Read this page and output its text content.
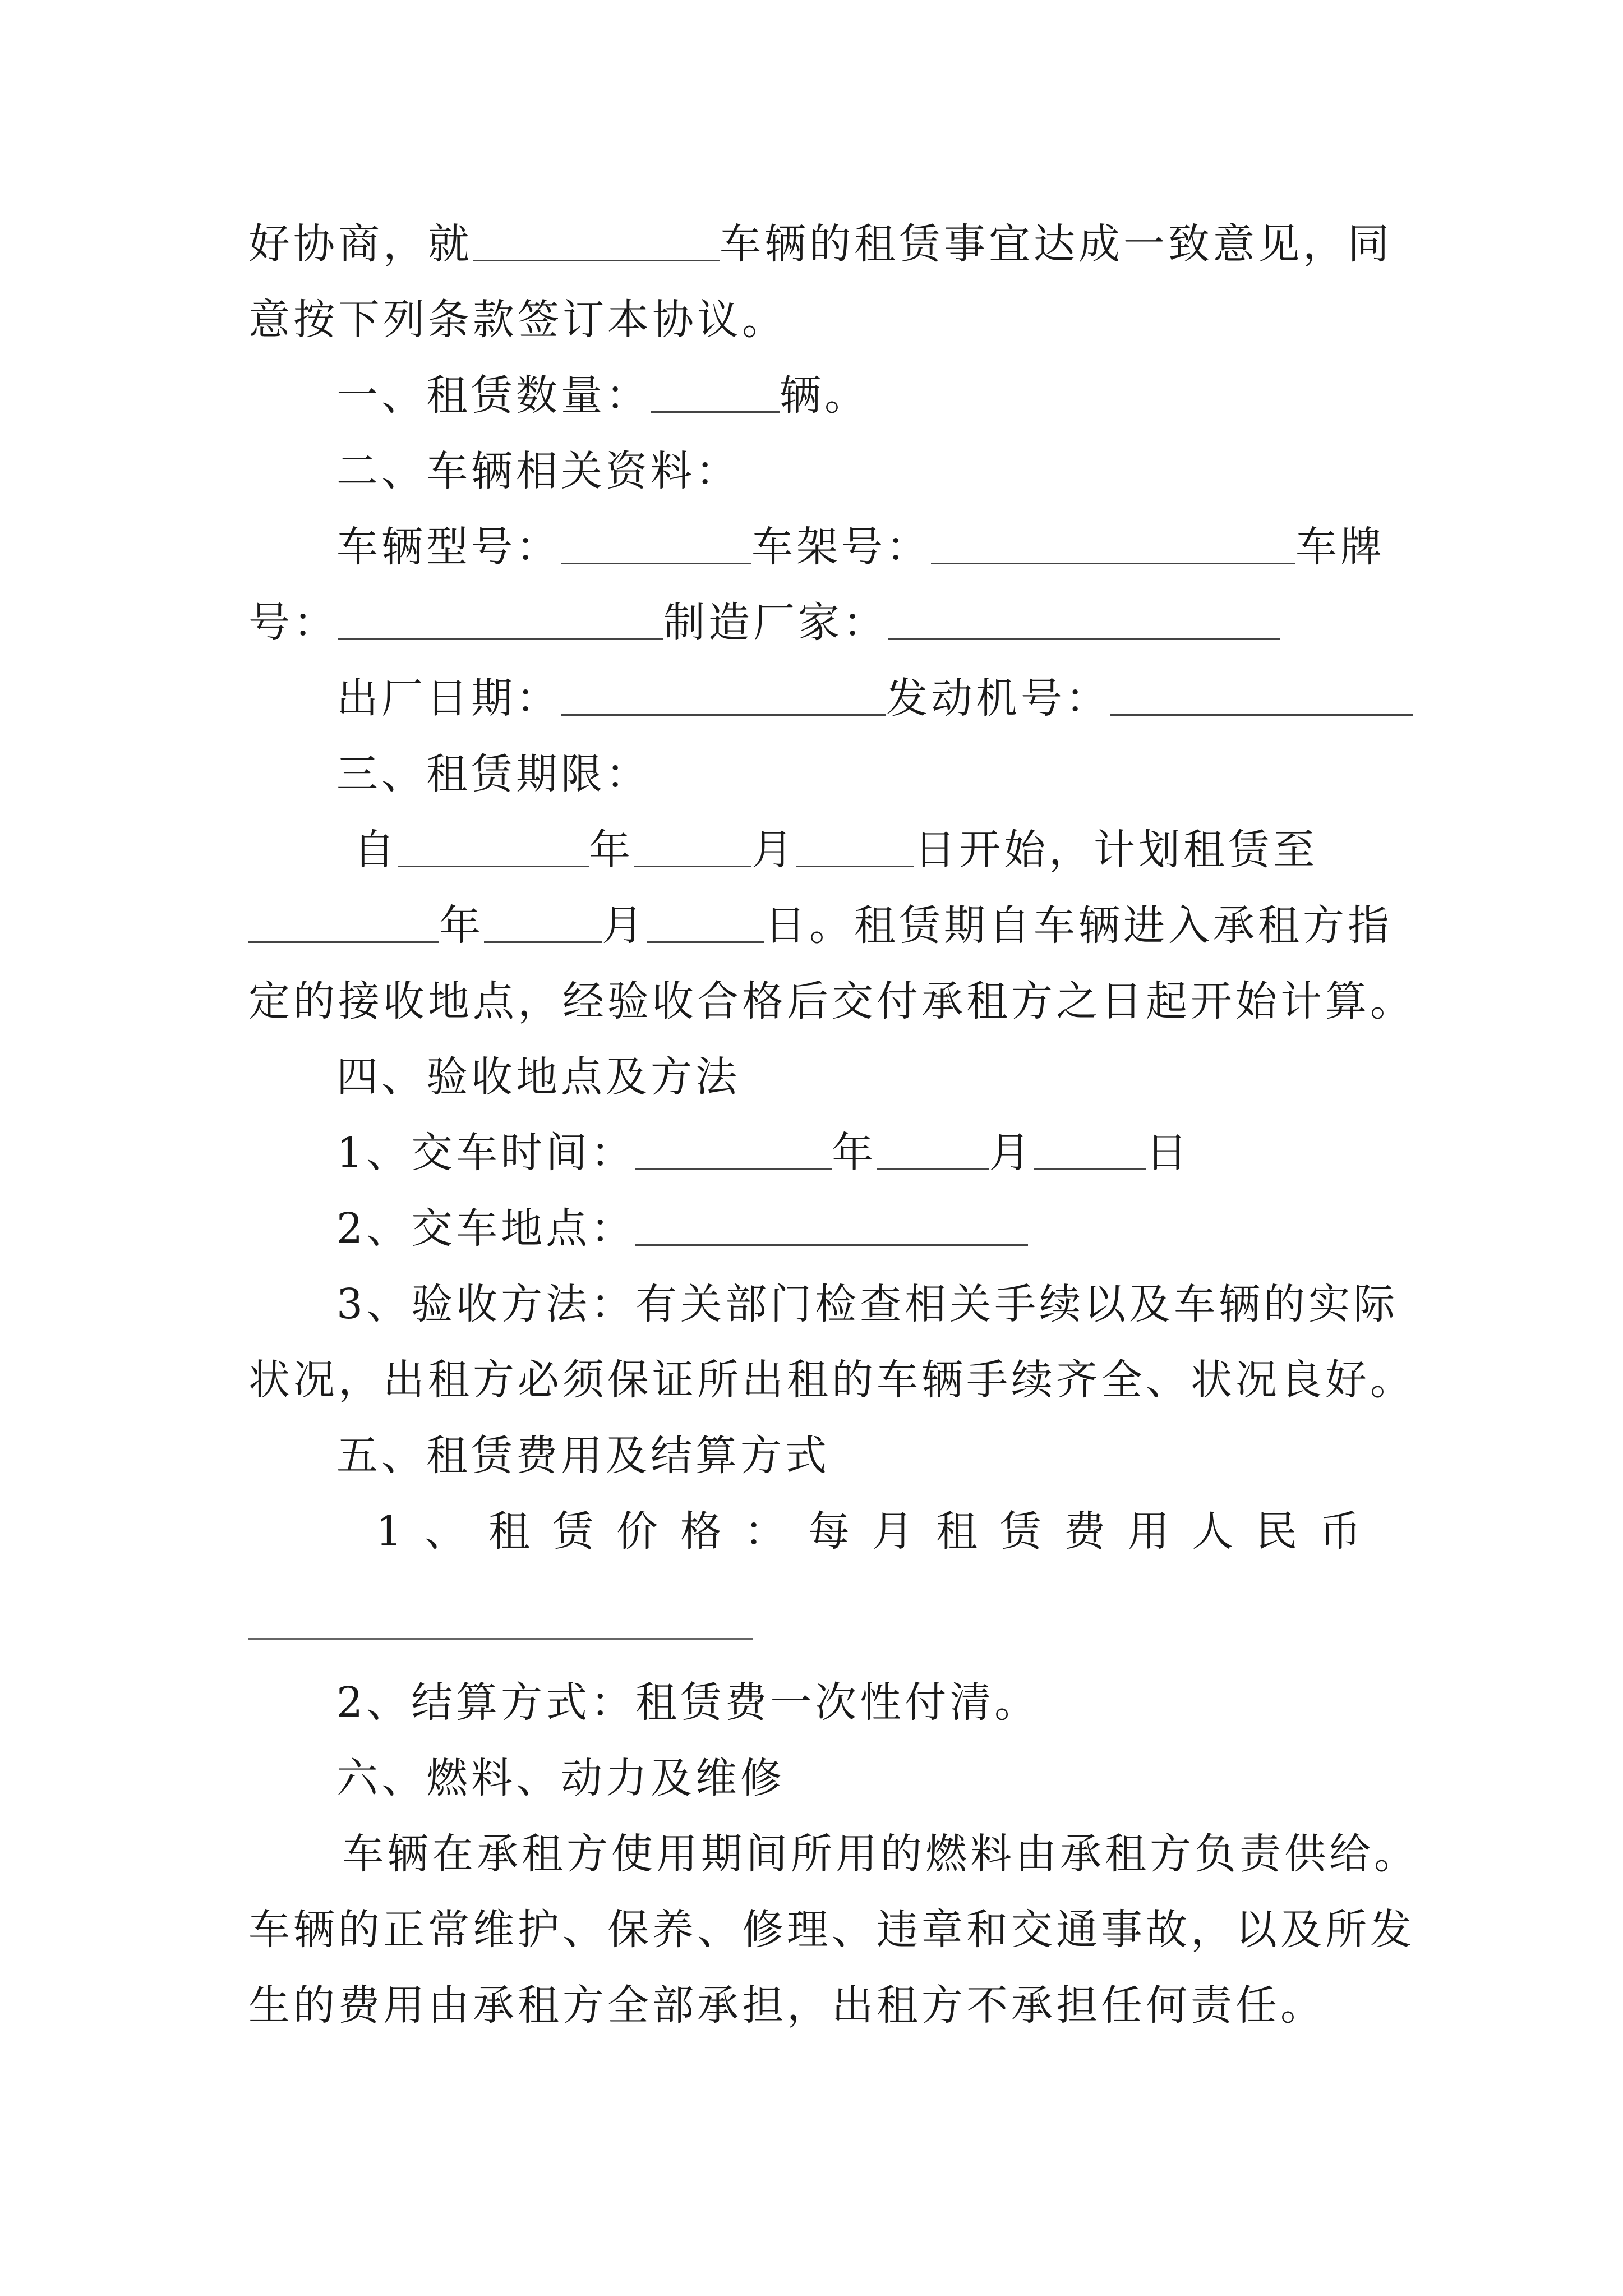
好协商，就	车辆的租赁事宜达成一致意见，同
意按下列条款签订本协议。
一、租赁数量：	辆。
二、车辆相关资料：
车辆型号：	车架号：	车牌
号：	制造厂家：
出厂日期：	发动机号：
三、租赁期限：
自	年	月	日开始，计划租赁至
年	月	日。租赁期自车辆进入承租方指
定的接收地点，经验收合格后交付承租方之日起开始计算。
四、验收地点及方法
1、交车时间：	年	月	日
2、交车地点：
3、验收方法：有关部门检查相关手续以及车辆的实际
状况，出租方必须保证所出租的车辆手续齐全、状况良好。
五、租赁费用及结算方式
1、租赁价格：每月租赁费用人民币
2、结算方式：租赁费一次性付清。
六、燃料、动力及维修
车辆在承租方使用期间所用的燃料由承租方负责供给。
车辆的正常维护、保养、修理、违章和交通事故，以及所发
生的费用由承租方全部承担，出租方不承担任何责任。
